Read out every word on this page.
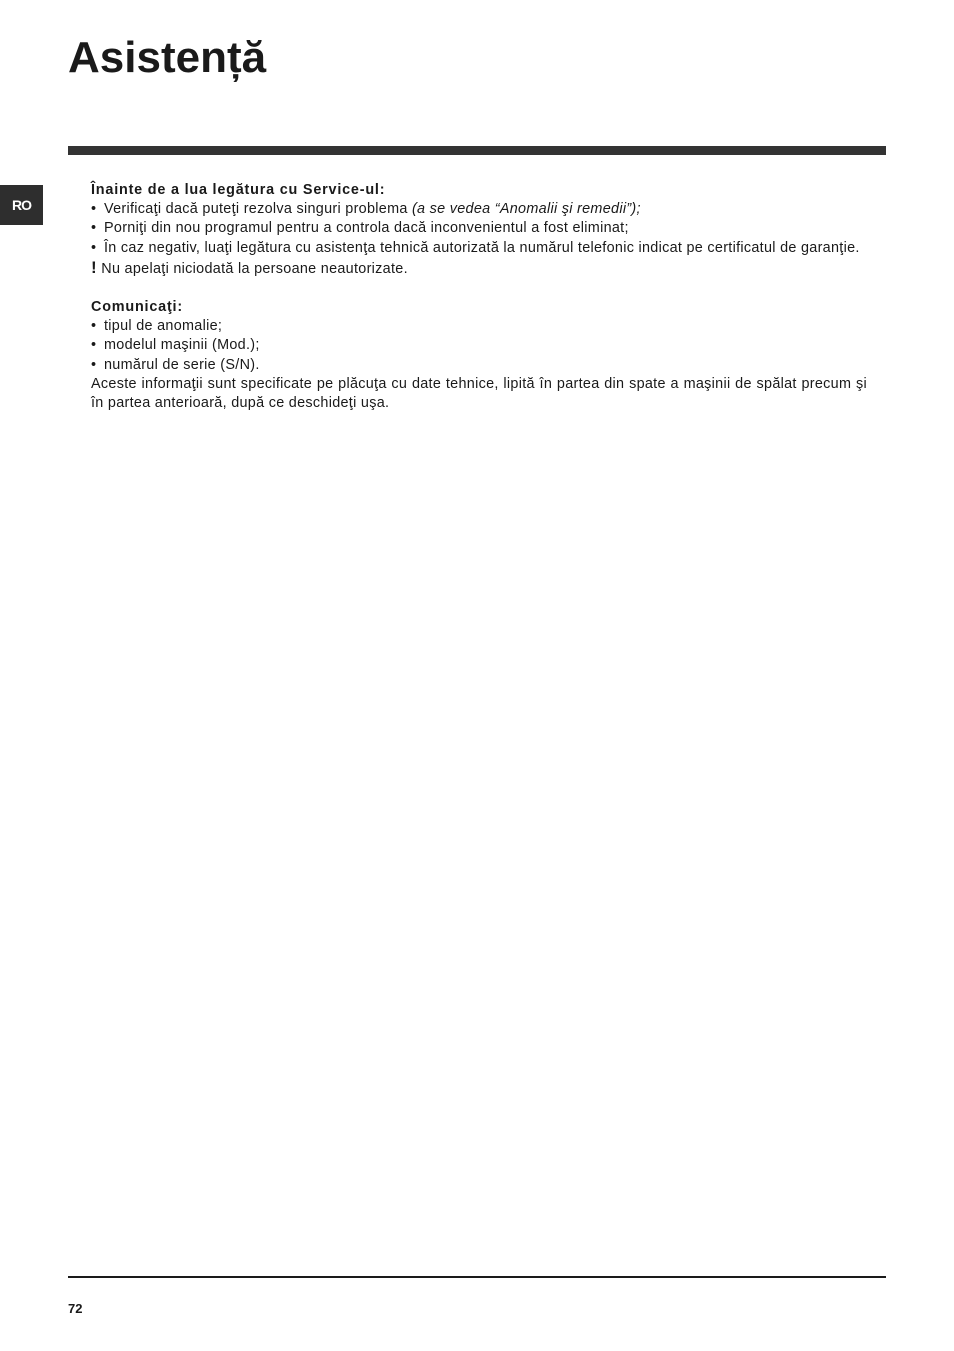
Asistență
RO

Înainte de a lua legătura cu Service-ul:

• Verificaţi dacă puteţi rezolva singuri problema (a se vedea “Anomalii şi remedii”);
• Porniţi din nou programul pentru a controla dacă inconvenientul a fost eliminat;
• În caz negativ, luaţi legătura cu asistenţa tehnică autorizată la numărul telefonic indicat pe certificatul de garanţie.

! Nu apelaţi niciodată la persoane neautorizate.

Comunicaţi:

• tipul de anomalie;
• modelul maşinii (Mod.);
• numărul de serie (S/N).

Aceste informaţii sunt specificate pe plăcuţa cu date tehnice, lipită în partea din spate a maşinii de spălat precum şi în partea anterioară, după ce deschideţi uşa.

72
